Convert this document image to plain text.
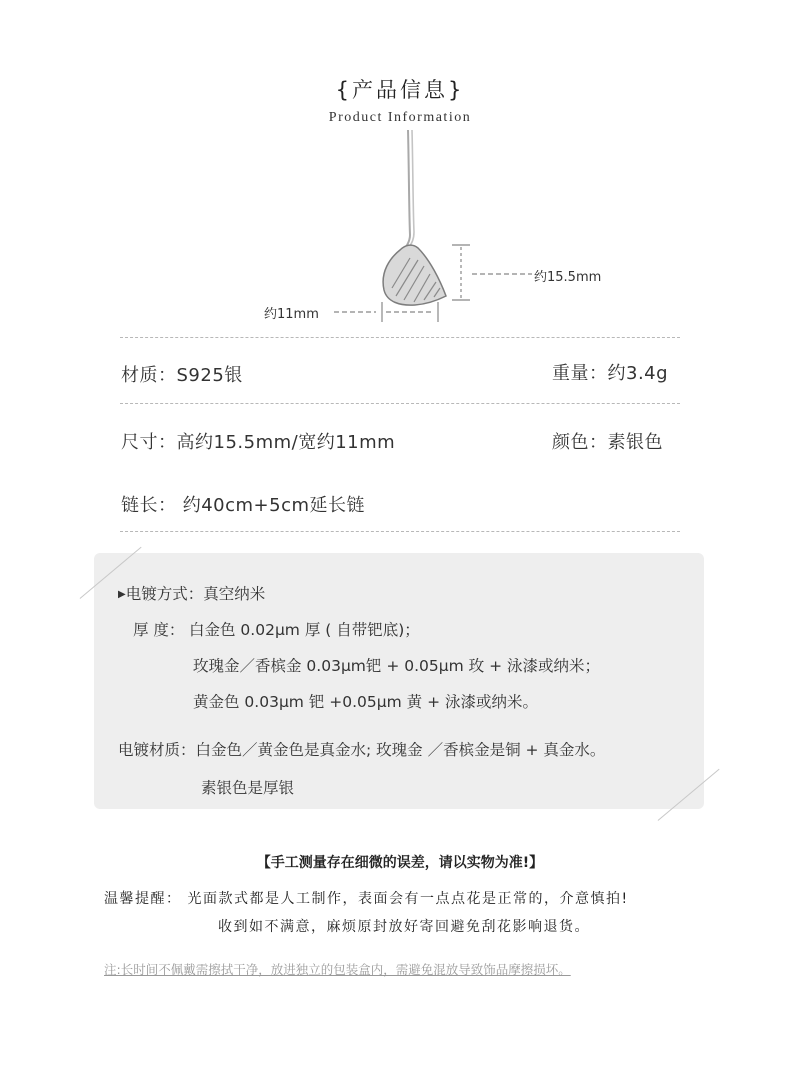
{产品信息}
Product Information
约15.5mm
约11mm
材质：S925银	重量：约3.4g
尺寸：高约15.5mm/宽约11mm	颜色：素银色
链长： 约40cm+5cm延长链
▶电镀方式：真空纳米
厚 度： 白金色 0.02μm 厚 ( 自带钯底)；
玫瑰金／香槟金 0.03μm钯 + 0.05μm 玫 + 泳漆或纳米；
黄金色 0.03μm 钯 +0.05μm 黄 + 泳漆或纳米。
电镀材质：白金色／黄金色是真金水; 玫瑰金 ／香槟金是铜 + 真金水。
素银色是厚银
【手工测量存在细微的误差，请以实物为准!】
温馨提醒： 光面款式都是人工制作，表面会有一点点花是正常的，介意慎拍!
收到如不满意，麻烦原封放好寄回避免刮花影响退货。
注:长时间不佩戴需擦拭干净，放进独立的包装盒内，需避免混放导致饰品摩擦损坏。
